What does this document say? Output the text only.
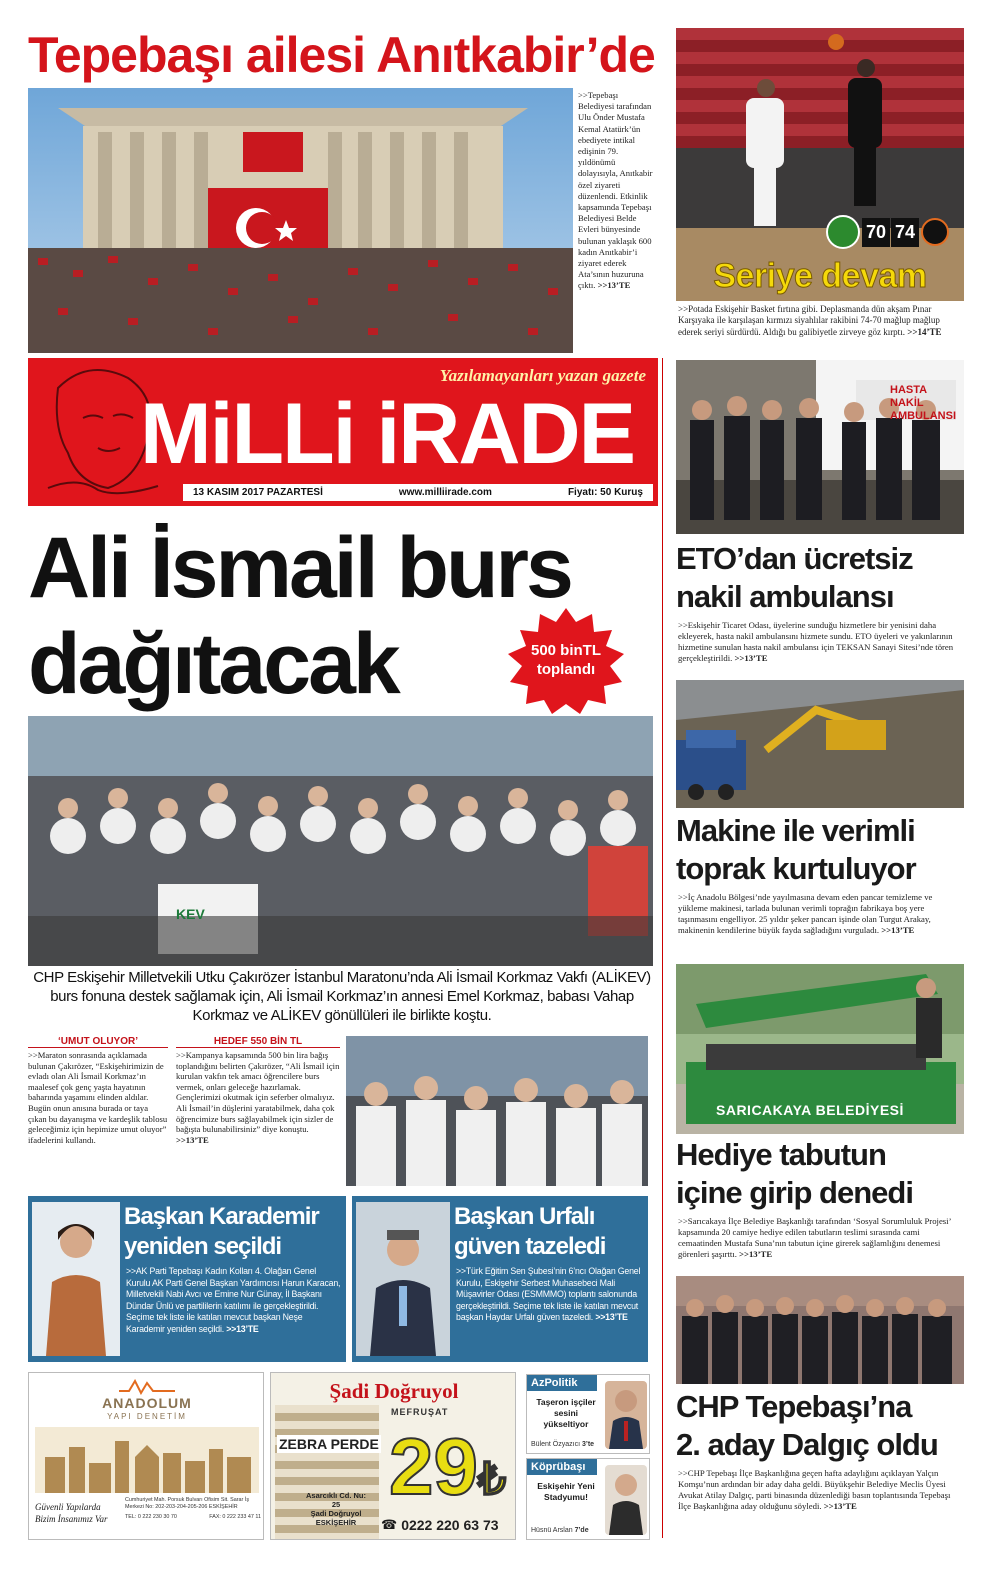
Tepebaşı ailesi Anıtkabir’de
>>Tepebaşı Belediyesi tarafından Ulu Önder Mustafa Kemal Atatürk’ün ebediyete intikal edişinin 79. yıldönümü dolayısıyla, Anıtkabir özel ziyareti düzenlendi. Etkinlik kapsamında Tepebaşı Belediyesi Belde Evleri bünyesinde bulunan yaklaşık 600 kadın Anıtkabir’i ziyaret ederek Ata’sının huzuruna çıktı. >>13’TE
70 74
Seriye devam
>>Potada Eskişehir Basket fırtına gibi. Deplasmanda dün akşam Pınar Karşıyaka ile karşılaşan kırmızı siyahlılar rakibini 74-70 mağlup mağlup ederek seriyi sürdürdü. Aldığı bu galibiyetle zirveye göz kırptı. >>14’TE
Yazılamayanları yazan gazete
MiLLi iRADE
13 KASIM 2017 PAZARTESİ	www.milliirade.com	Fiyatı: 50 Kuruş
Ali İsmail burs
dağıtacak	500 binTL
toplandı
KEV
CHP Eskişehir Milletvekili Utku Çakırözer İstanbul Maratonu’nda Ali İsmail Korkmaz Vakfı (ALİKEV) burs fonuna destek sağlamak için, Ali İsmail Korkmaz’ın annesi Emel Korkmaz, babası Vahap Korkmaz ve ALİKEV gönüllüleri ile birlikte koştu.
‘UMUT OLUYOR’
>>Maraton sonrasında açıklamada bulunan Çakırözer, “Eskişehirimizin de evladı olan Ali İsmail Korkmaz’ın maalesef çok genç yaşta hayatının baharında yaşamını elinden aldılar. Bugün onun anısına burada or taya çıkan bu dayanışma ve kardeşlik tablosu geleceğimiz için hepimize umut oluyor” ifadelerini kullandı.
HEDEF 550 BİN TL
>>Kampanya kapsamında 500 bin lira bağış toplandığını belirten Çakırözer, “Ali İsmail için kurulan vakfın tek amacı öğrencilere burs vermek, onları geleceğe hazırlamak. Gençlerimizi okutmak için seferber olmalıyız. Ali İsmail’in düşlerini yaratabilmek, daha çok öğrencimize burs sağlayabilmek için sizler de bağışta bulunabilirsiniz” diye konuştu. >>13’TE
Başkan Karademir
yeniden seçildi
>>AK Parti Tepebaşı Kadın Kolları 4. Olağan Genel Kurulu AK Parti Genel Başkan Yardımcısı Harun Karacan, Milletvekili Nabi Avcı ve Emine Nur Günay, İl Başkanı Dündar Ünlü ve partililerin katılımı ile gerçekleştirildi. Seçime tek liste ile katılan mevcut başkan Neşe Karademir yeniden seçildi. >>13’TE
Başkan Urfalı
güven tazeledi
>>Türk Eğitim Sen Şubesi’nin 6’ncı Olağan Genel Kurulu, Eskişehir Serbest Muhasebeci Mali Müşavirler Odası (ESMMMO) toplantı salonunda gerçekleştirildi. Seçime tek liste ile katılan mevcut başkan Haydar Urfalı güven tazeledi. >>13’TE
ANADOLUM
YAPI DENETİM
Güvenli Yapılarda
Bizim İnsanımız Var
Cumhuriyet Mah. Porsuk Bulvarı Ofisim Sit. Sarar İş Merkezi No: 202-203-204-205-206 ESKİŞEHİR
TEL: 0 222 230 30 70	FAX: 0 222 233 47 11
Şadi Doğruyol
MEFRUŞAT
ZEBRA PERDE 29₺
Asarcıklı Cd. Nu: 25
Şadi Doğruyol
ESKİŞEHİR	☎ 0222 220 63 73
AzPolitik
Taşeron işçiler sesini yükseltiyor
Bülent Özyazıcı 3’te
Köprübaşı
Eskişehir Yeni Stadyumu!
Hüsnü Arslan 7’de
HASTA NAKİL AMBULANSI
ETO’dan ücretsiz
nakil ambulansı
>>Eskişehir Ticaret Odası, üyelerine sunduğu hizmetlere bir yenisini daha ekleyerek, hasta nakil ambulansını hizmete sundu. ETO üyeleri ve yakınlarının hizmetine sunulan hasta nakil ambulansı için TEKSAN Sanayi Sitesi’nde tören gerçekleştirildi. >>13’TE
Makine ile verimli
toprak kurtuluyor
>>İç Anadolu Bölgesi’nde yayılmasına devam eden pancar temizleme ve yükleme makinesi, tarlada bulunan verimli toprağın fabrikaya boş yere taşınmasını engelliyor. 25 yıldır şeker pancarı işinde olan Turgut Arakay, makinenin kendilerine büyük fayda sağladığını vurguladı. >>13’TE
SARICAKAYA BELEDİYESİ
Hediye tabutun
içine girip denedi
>>Sarıcakaya İlçe Belediye Başkanlığı tarafından ‘Sosyal Sorumluluk Projesi’ kapsamında 20 camiye hediye edilen tabutların teslimi sırasında cami cemaatinden Mustafa Suna’nın tabutun içine girerek sağlamlığını denemesi görenleri şaşırttı. >>13’TE
CHP Tepebaşı’na
2. aday Dalgıç oldu
>>CHP Tepebaşı İlçe Başkanlığına geçen hafta adaylığını açıklayan Yalçın Komşu’nun ardından bir aday daha geldi. Büyükşehir Belediye Meclis Üyesi Avukat Atilay Dalgıç, parti binasında düzenlediği basın toplantısında Tepebaşı İlçe Başkanlığına aday olduğunu söyledi. >>13’TE
